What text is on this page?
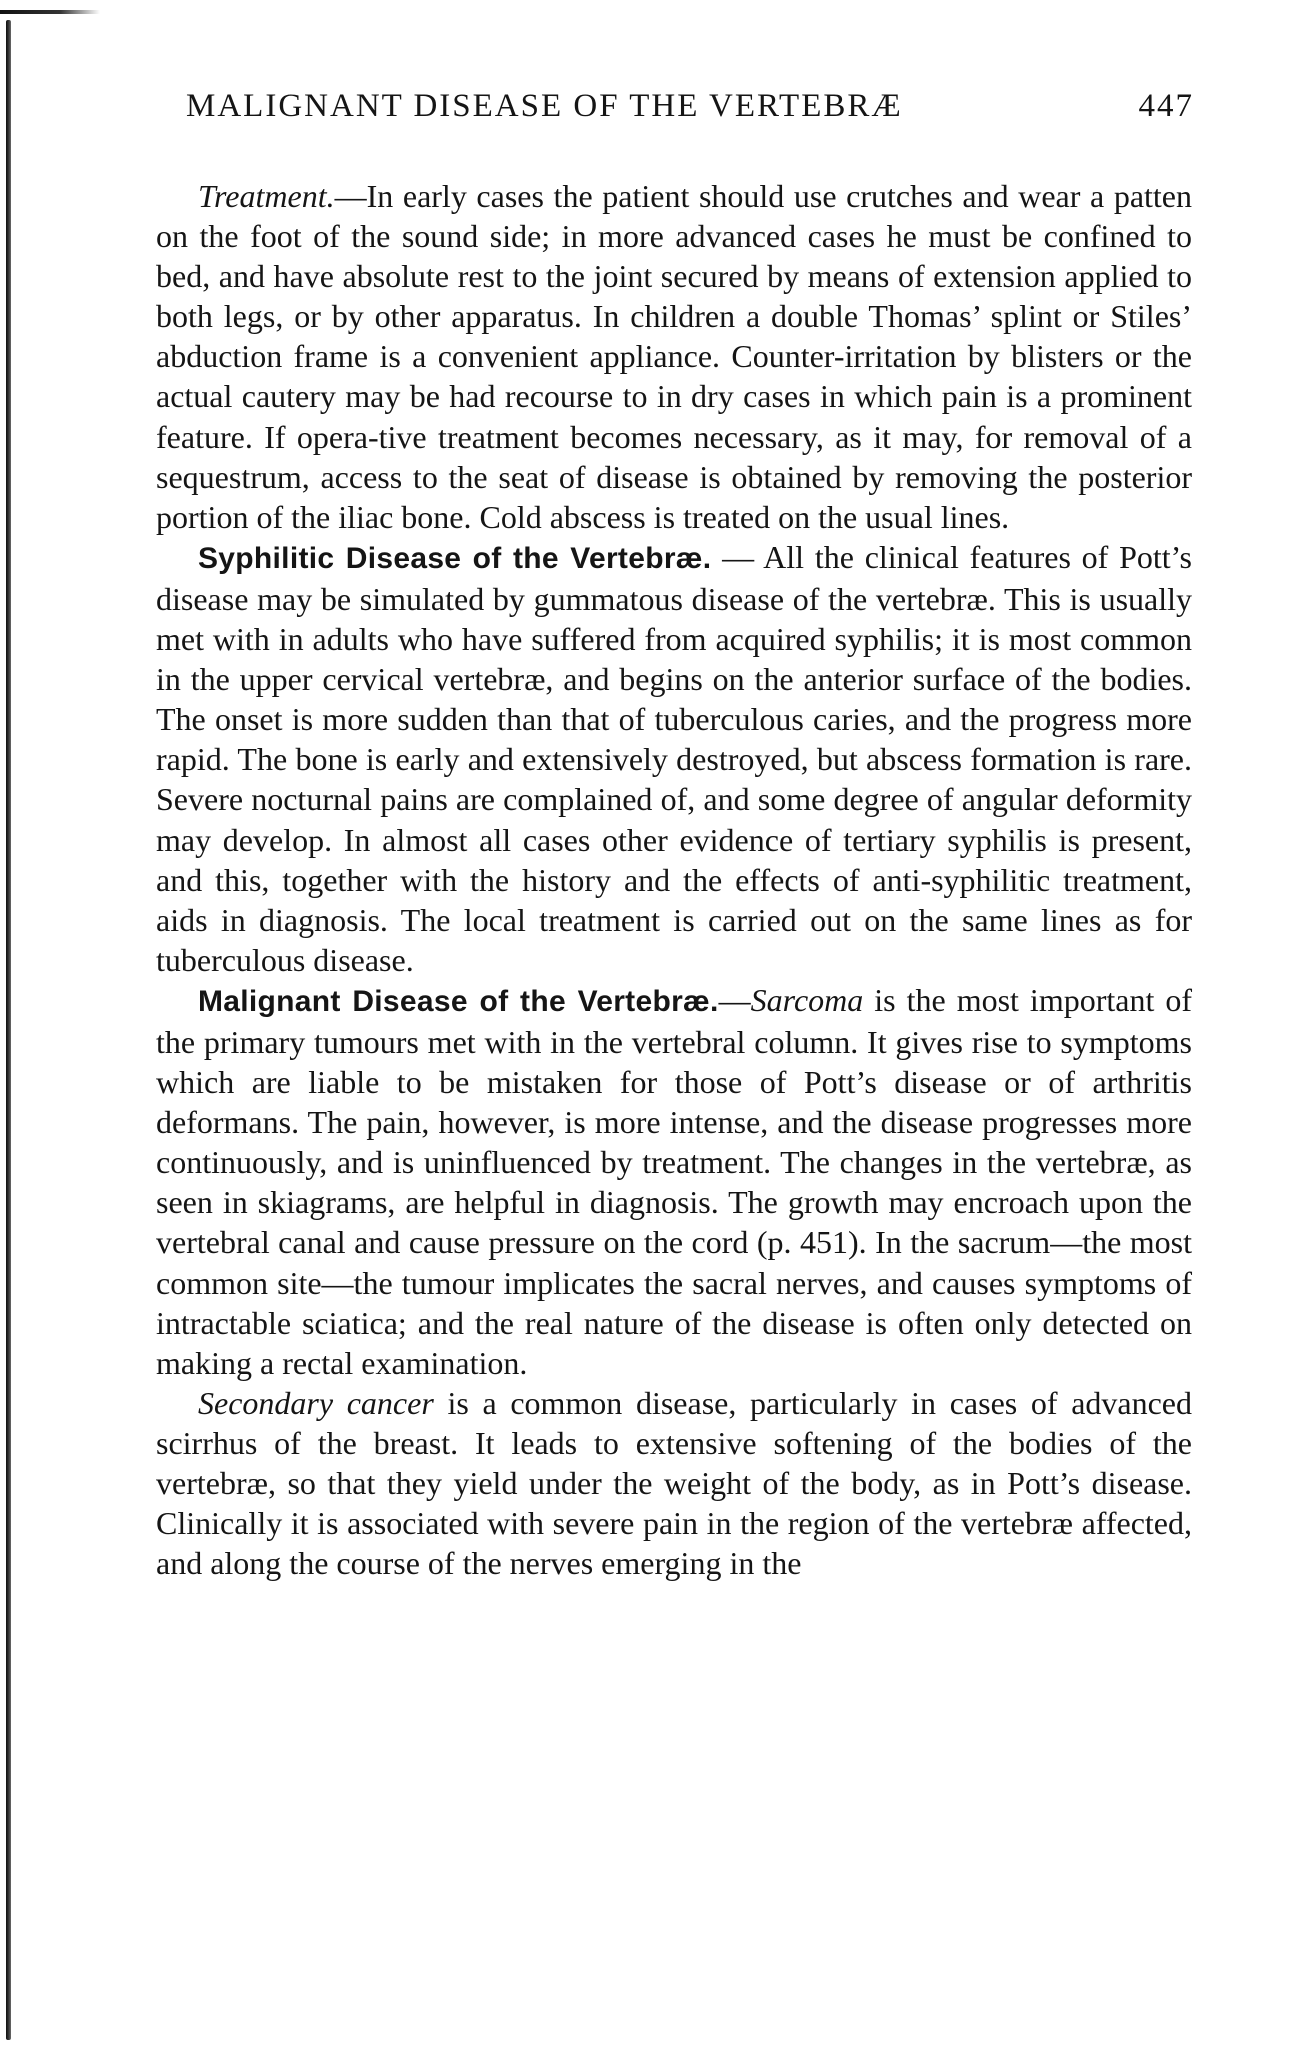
MALIGNANT DISEASE OF THE VERTEBRÆ	447

Treatment.—In early cases the patient should use crutches and wear a patten on the foot of the sound side; in more advanced cases he must be confined to bed, and have absolute rest to the joint secured by means of extension applied to both legs, or by other apparatus. In children a double Thomas’ splint or Stiles’ abduction frame is a convenient appliance. Counter-irritation by blisters or the actual cautery may be had recourse to in dry cases in which pain is a prominent feature. If opera-tive treatment becomes necessary, as it may, for removal of a sequestrum, access to the seat of disease is obtained by removing the posterior portion of the iliac bone. Cold abscess is treated on the usual lines.

Syphilitic Disease of the Vertebræ. — All the clinical features of Pott’s disease may be simulated by gummatous disease of the vertebræ. This is usually met with in adults who have suffered from acquired syphilis; it is most common in the upper cervical vertebræ, and begins on the anterior surface of the bodies. The onset is more sudden than that of tuberculous caries, and the progress more rapid. The bone is early and extensively destroyed, but abscess formation is rare. Severe nocturnal pains are complained of, and some degree of angular deformity may develop. In almost all cases other evidence of tertiary syphilis is present, and this, together with the history and the effects of anti-syphilitic treatment, aids in diagnosis. The local treatment is carried out on the same lines as for tuberculous disease.

Malignant Disease of the Vertebræ.—Sarcoma is the most important of the primary tumours met with in the vertebral column. It gives rise to symptoms which are liable to be mistaken for those of Pott’s disease or of arthritis deformans. The pain, however, is more intense, and the disease progresses more continuously, and is uninfluenced by treatment. The changes in the vertebræ, as seen in skiagrams, are helpful in diagnosis. The growth may encroach upon the vertebral canal and cause pressure on the cord (p. 451). In the sacrum—the most common site—the tumour implicates the sacral nerves, and causes symptoms of intractable sciatica; and the real nature of the disease is often only detected on making a rectal examination.

Secondary cancer is a common disease, particularly in cases of advanced scirrhus of the breast. It leads to extensive softening of the bodies of the vertebræ, so that they yield under the weight of the body, as in Pott’s disease. Clinically it is associated with severe pain in the region of the vertebræ affected, and along the course of the nerves emerging in the
